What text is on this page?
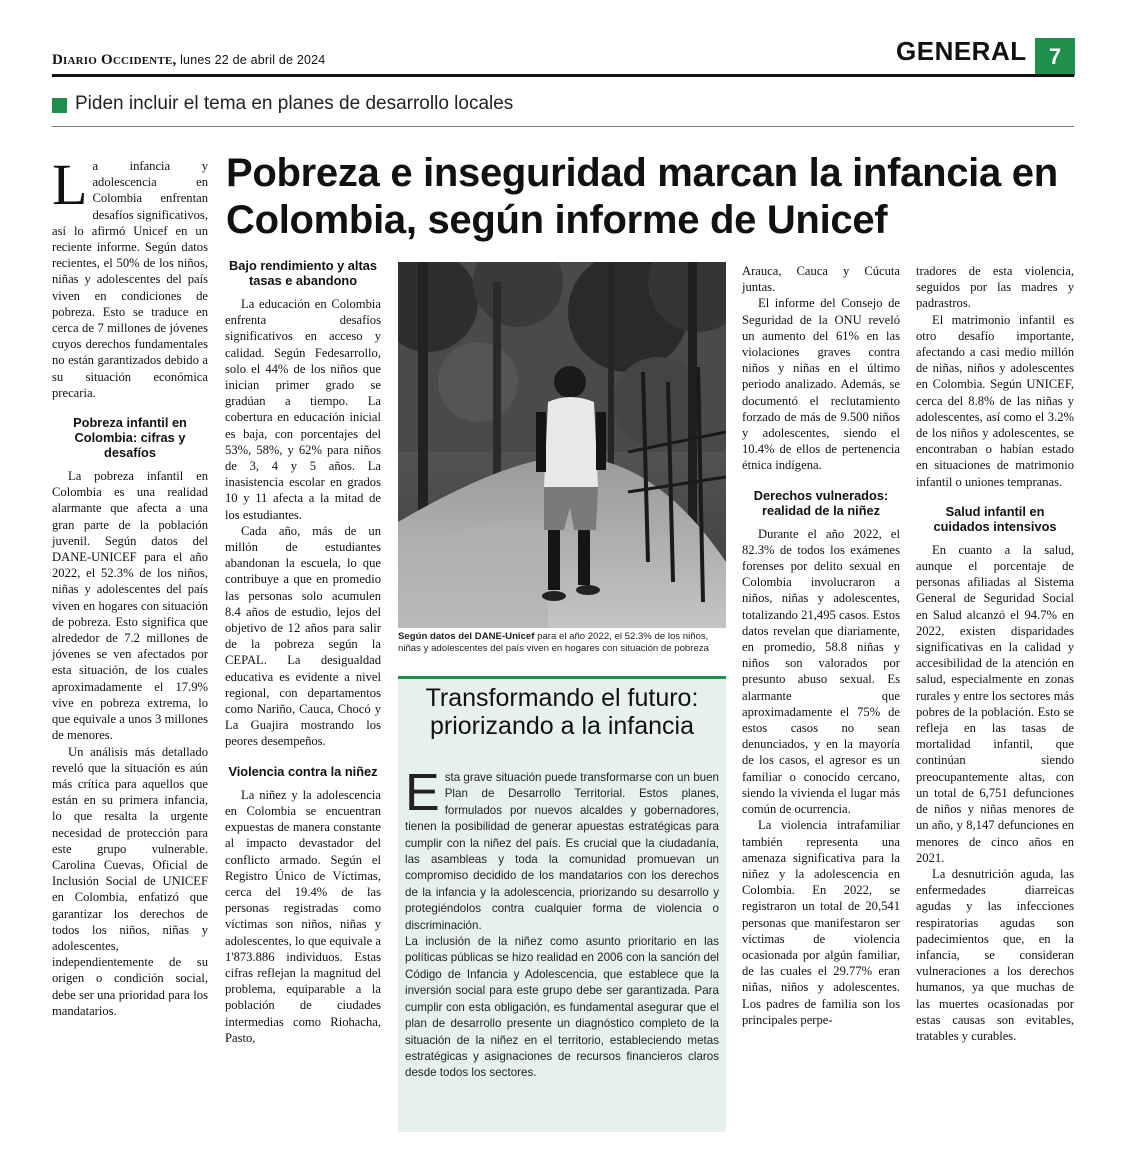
Diario Occidente, lunes 22 de abril de 2024	GENERAL	7
Piden incluir el tema en planes de desarrollo locales
Pobreza e inseguridad marcan la infancia en Colombia, según informe de Unicef

La infancia y adolescencia en Colombia enfrentan desafíos significativos, así lo afirmó Unicef en un reciente informe. Según datos recientes, el 50% de los niños, niñas y adolescentes del país viven en condiciones de pobreza. Esto se traduce en cerca de 7 millones de jóvenes cuyos derechos fundamentales no están garantizados debido a su situación económica precaria.

Pobreza infantil en Colombia: cifras y desafíos

La pobreza infantil en Colombia es una realidad alarmante que afecta a una gran parte de la población juvenil. Según datos del DANE-UNICEF para el año 2022, el 52.3% de los niños, niñas y adolescentes del país viven en hogares con situación de pobreza. Esto significa que alrededor de 7.2 millones de jóvenes se ven afectados por esta situación, de los cuales aproximadamente el 17.9% vive en pobreza extrema, lo que equivale a unos 3 millones de menores.

Un análisis más detallado reveló que la situación es aún más crítica para aquellos que están en su primera infancia, lo que resalta la urgente necesidad de protección para este grupo vulnerable. Carolina Cuevas, Oficial de Inclusión Social de UNICEF en Colombia, enfatizó que garantizar los derechos de todos los niños, niñas y adolescentes, independientemente de su origen o condición social, debe ser una prioridad para los mandatarios.

Bajo rendimiento y altas tasas e abandono

La educación en Colombia enfrenta desafíos significativos en acceso y calidad. Según Fedesarrollo, solo el 44% de los niños que inician primer grado se gradúan a tiempo. La cobertura en educación inicial es baja, con porcentajes del 53%, 58%, y 62% para niños de 3, 4 y 5 años. La inasistencia escolar en grados 10 y 11 afecta a la mitad de los estudiantes.

Cada año, más de un millón de estudiantes abandonan la escuela, lo que contribuye a que en promedio las personas solo acumulen 8.4 años de estudio, lejos del objetivo de 12 años para salir de la pobreza según la CEPAL. La desigualdad educativa es evidente a nivel regional, con departamentos como Nariño, Cauca, Chocó y La Guajira mostrando los peores desempeños.

Violencia contra la niñez

La niñez y la adolescencia en Colombia se encuentran expuestas de manera constante al impacto devastador del conflicto armado. Según el Registro Único de Víctimas, cerca del 19.4% de las personas registradas como víctimas son niños, niñas y adolescentes, lo que equivale a 1'873.886 individuos. Estas cifras reflejan la magnitud del problema, equiparable a la población de ciudades intermedias como Riohacha, Pasto,

Según datos del DANE-Unicef para el año 2022, el 52.3% de los niños, niñas y adolescentes del país viven en hogares con situación de pobreza
Transformando el futuro: priorizando a la infancia

Esta grave situación puede transformarse con un buen Plan de Desarrollo Territorial. Estos planes, formulados por nuevos alcaldes y gobernadores, tienen la posibilidad de generar apuestas estratégicas para cumplir con la niñez del país. Es crucial que la ciudadanía, las asambleas y toda la comunidad promuevan un compromiso decidido de los mandatarios con los derechos de la infancia y la adolescencia, priorizando su desarrollo y protegiéndolos contra cualquier forma de violencia o discriminación.

La inclusión de la niñez como asunto prioritario en las políticas públicas se hizo realidad en 2006 con la sanción del Código de Infancia y Adolescencia, que establece que la inversión social para este grupo debe ser garantizada. Para cumplir con esta obligación, es fundamental asegurar que el plan de desarrollo presente un diagnóstico completo de la situación de la niñez en el territorio, estableciendo metas estratégicas y asignaciones de recursos financieros claros desde todos los sectores.

Arauca, Cauca y Cúcuta juntas.

El informe del Consejo de Seguridad de la ONU reveló un aumento del 61% en las violaciones graves contra niños y niñas en el último periodo analizado. Además, se documentó el reclutamiento forzado de más de 9.500 niños y adolescentes, siendo el 10.4% de ellos de pertenencia étnica indígena.

Derechos vulnerados: realidad de la niñez

Durante el año 2022, el 82.3% de todos los exámenes forenses por delito sexual en Colombia involucraron a niños, niñas y adolescentes, totalizando 21,495 casos. Estos datos revelan que diariamente, en promedio, 58.8 niñas y niños son valorados por presunto abuso sexual. Es alarmante que aproximadamente el 75% de estos casos no sean denunciados, y en la mayoría de los casos, el agresor es un familiar o conocido cercano, siendo la vivienda el lugar más común de ocurrencia.

La violencia intrafamiliar también representa una amenaza significativa para la niñez y la adolescencia en Colombia. En 2022, se registraron un total de 20,541 personas que manifestaron ser víctimas de violencia ocasionada por algún familiar, de las cuales el 29.77% eran niñas, niños y adolescentes. Los padres de familia son los principales perpe-

tradores de esta violencia, seguidos por las madres y padrastros.

El matrimonio infantil es otro desafío importante, afectando a casi medio millón de niñas, niños y adolescentes en Colombia. Según UNICEF, cerca del 8.8% de las niñas y adolescentes, así como el 3.2% de los niños y adolescentes, se encontraban o habían estado en situaciones de matrimonio infantil o uniones tempranas.

Salud infantil en cuidados intensivos

En cuanto a la salud, aunque el porcentaje de personas afiliadas al Sistema General de Seguridad Social en Salud alcanzó el 94.7% en 2022, existen disparidades significativas en la calidad y accesibilidad de la atención en salud, especialmente en zonas rurales y entre los sectores más pobres de la población. Esto se refleja en las tasas de mortalidad infantil, que continúan siendo preocupantemente altas, con un total de 6,751 defunciones de niños y niñas menores de un año, y 8,147 defunciones en menores de cinco años en 2021.

La desnutrición aguda, las enfermedades diarreicas agudas y las infecciones respiratorias agudas son padecimientos que, en la infancia, se consideran vulneraciones a los derechos humanos, ya que muchas de las muertes ocasionadas por estas causas son evitables, tratables y curables.
